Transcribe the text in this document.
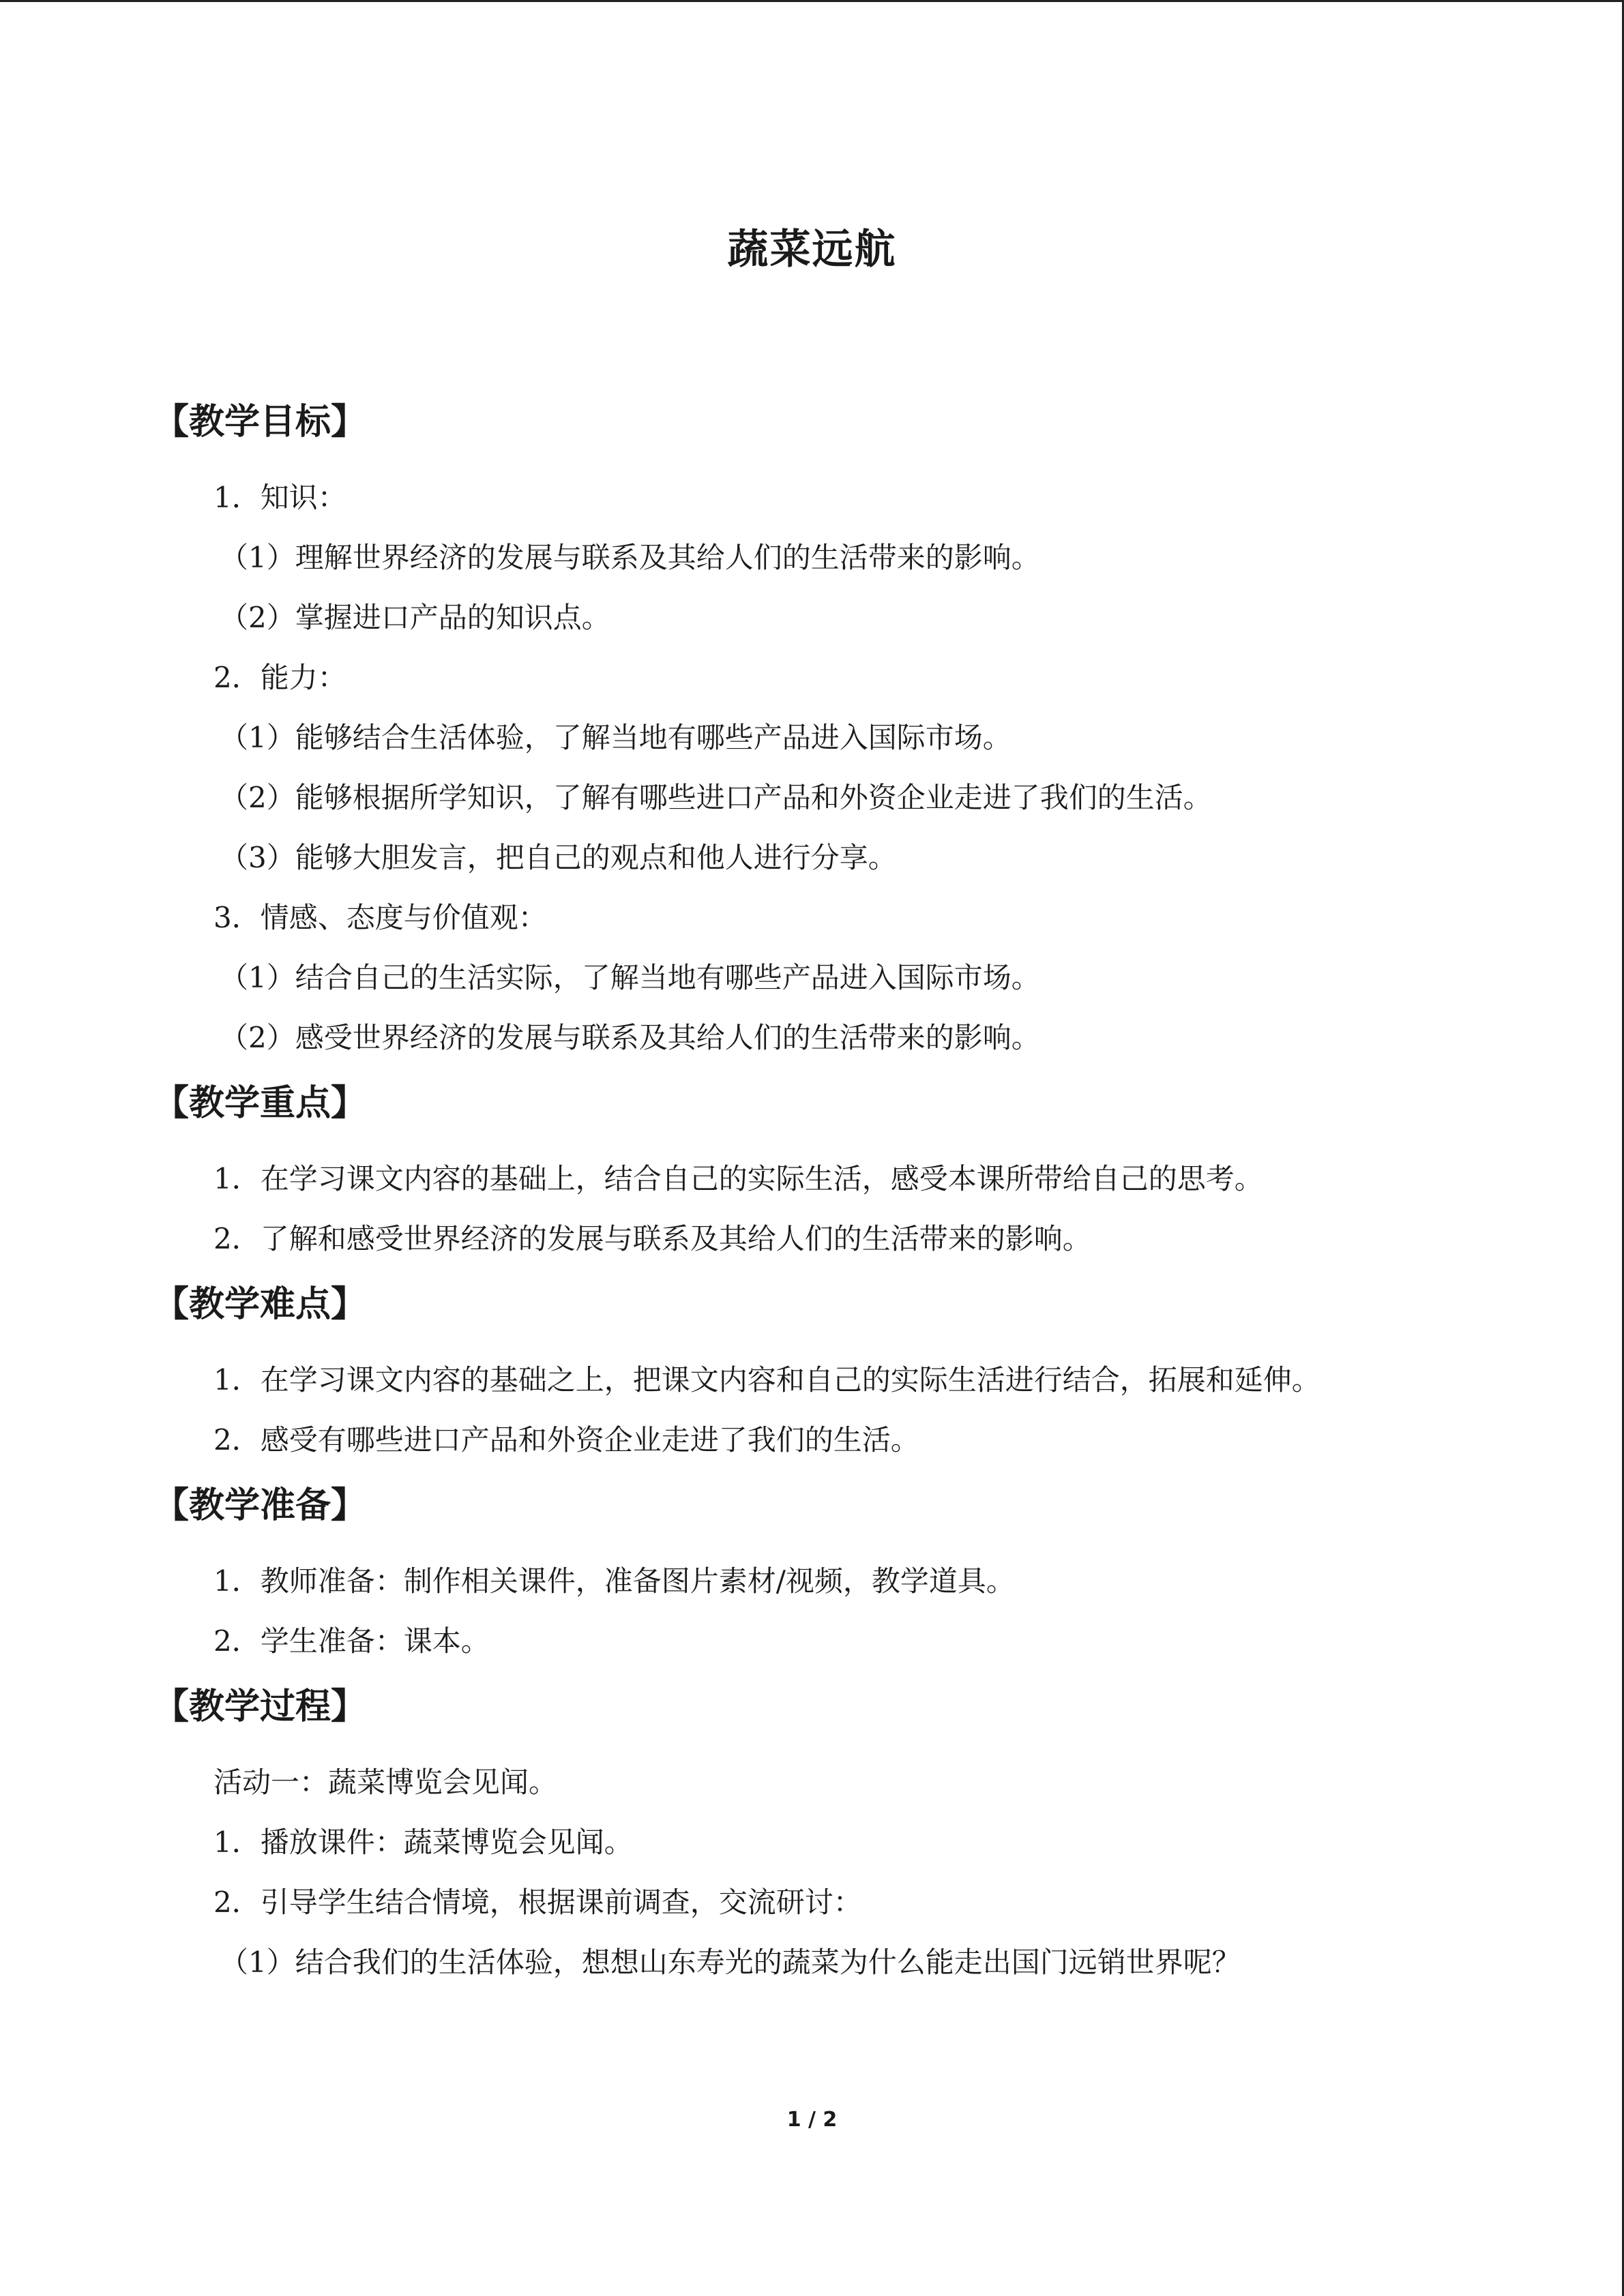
蔬菜远航
【教学目标】
1．知识：
（1）理解世界经济的发展与联系及其给人们的生活带来的影响。
（2）掌握进口产品的知识点。
2．能力：
（1）能够结合生活体验，了解当地有哪些产品进入国际市场。
（2）能够根据所学知识，了解有哪些进口产品和外资企业走进了我们的生活。
（3）能够大胆发言，把自己的观点和他人进行分享。
3．情感、态度与价值观：
（1）结合自己的生活实际，了解当地有哪些产品进入国际市场。
（2）感受世界经济的发展与联系及其给人们的生活带来的影响。
【教学重点】
1．在学习课文内容的基础上，结合自己的实际生活，感受本课所带给自己的思考。
2．了解和感受世界经济的发展与联系及其给人们的生活带来的影响。
【教学难点】
1．在学习课文内容的基础之上，把课文内容和自己的实际生活进行结合，拓展和延伸。
2．感受有哪些进口产品和外资企业走进了我们的生活。
【教学准备】
1．教师准备：制作相关课件，准备图片素材/视频，教学道具。
2．学生准备：课本。
【教学过程】
活动一：蔬菜博览会见闻。
1．播放课件：蔬菜博览会见闻。
2．引导学生结合情境，根据课前调查，交流研讨：
（1）结合我们的生活体验，想想山东寿光的蔬菜为什么能走出国门远销世界呢？
1 / 2
